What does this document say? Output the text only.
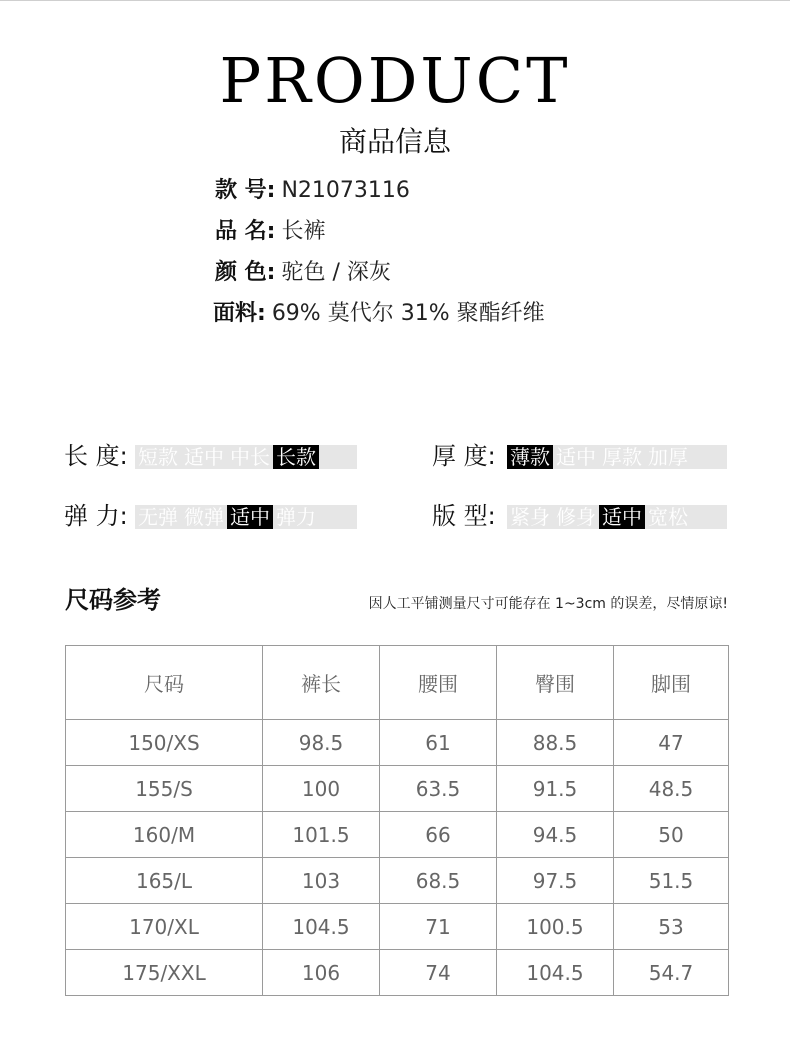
PRODUCT
商品信息
款 号: N21073116
品 名: 长裤
颜 色: 驼色 / 深灰
面料: 69% 莫代尔 31% 聚酯纤维
长 度: 短款 适中 中长 长款	厚 度: 薄款 适中 厚款 加厚
弹 力: 无弹 微弹 适中 弹力	版 型: 紧身 修身 适中 宽松
尺码参考	因人工平铺测量尺寸可能存在 1~3cm 的误差，尽情原谅!
尺码	裤长	腰围	臀围	脚围
150/XS	98.5	61	88.5	47
155/S	100	63.5	91.5	48.5
160/M	101.5	66	94.5	50
165/L	103	68.5	97.5	51.5
170/XL	104.5	71	100.5	53
175/XXL	106	74	104.5	54.7
